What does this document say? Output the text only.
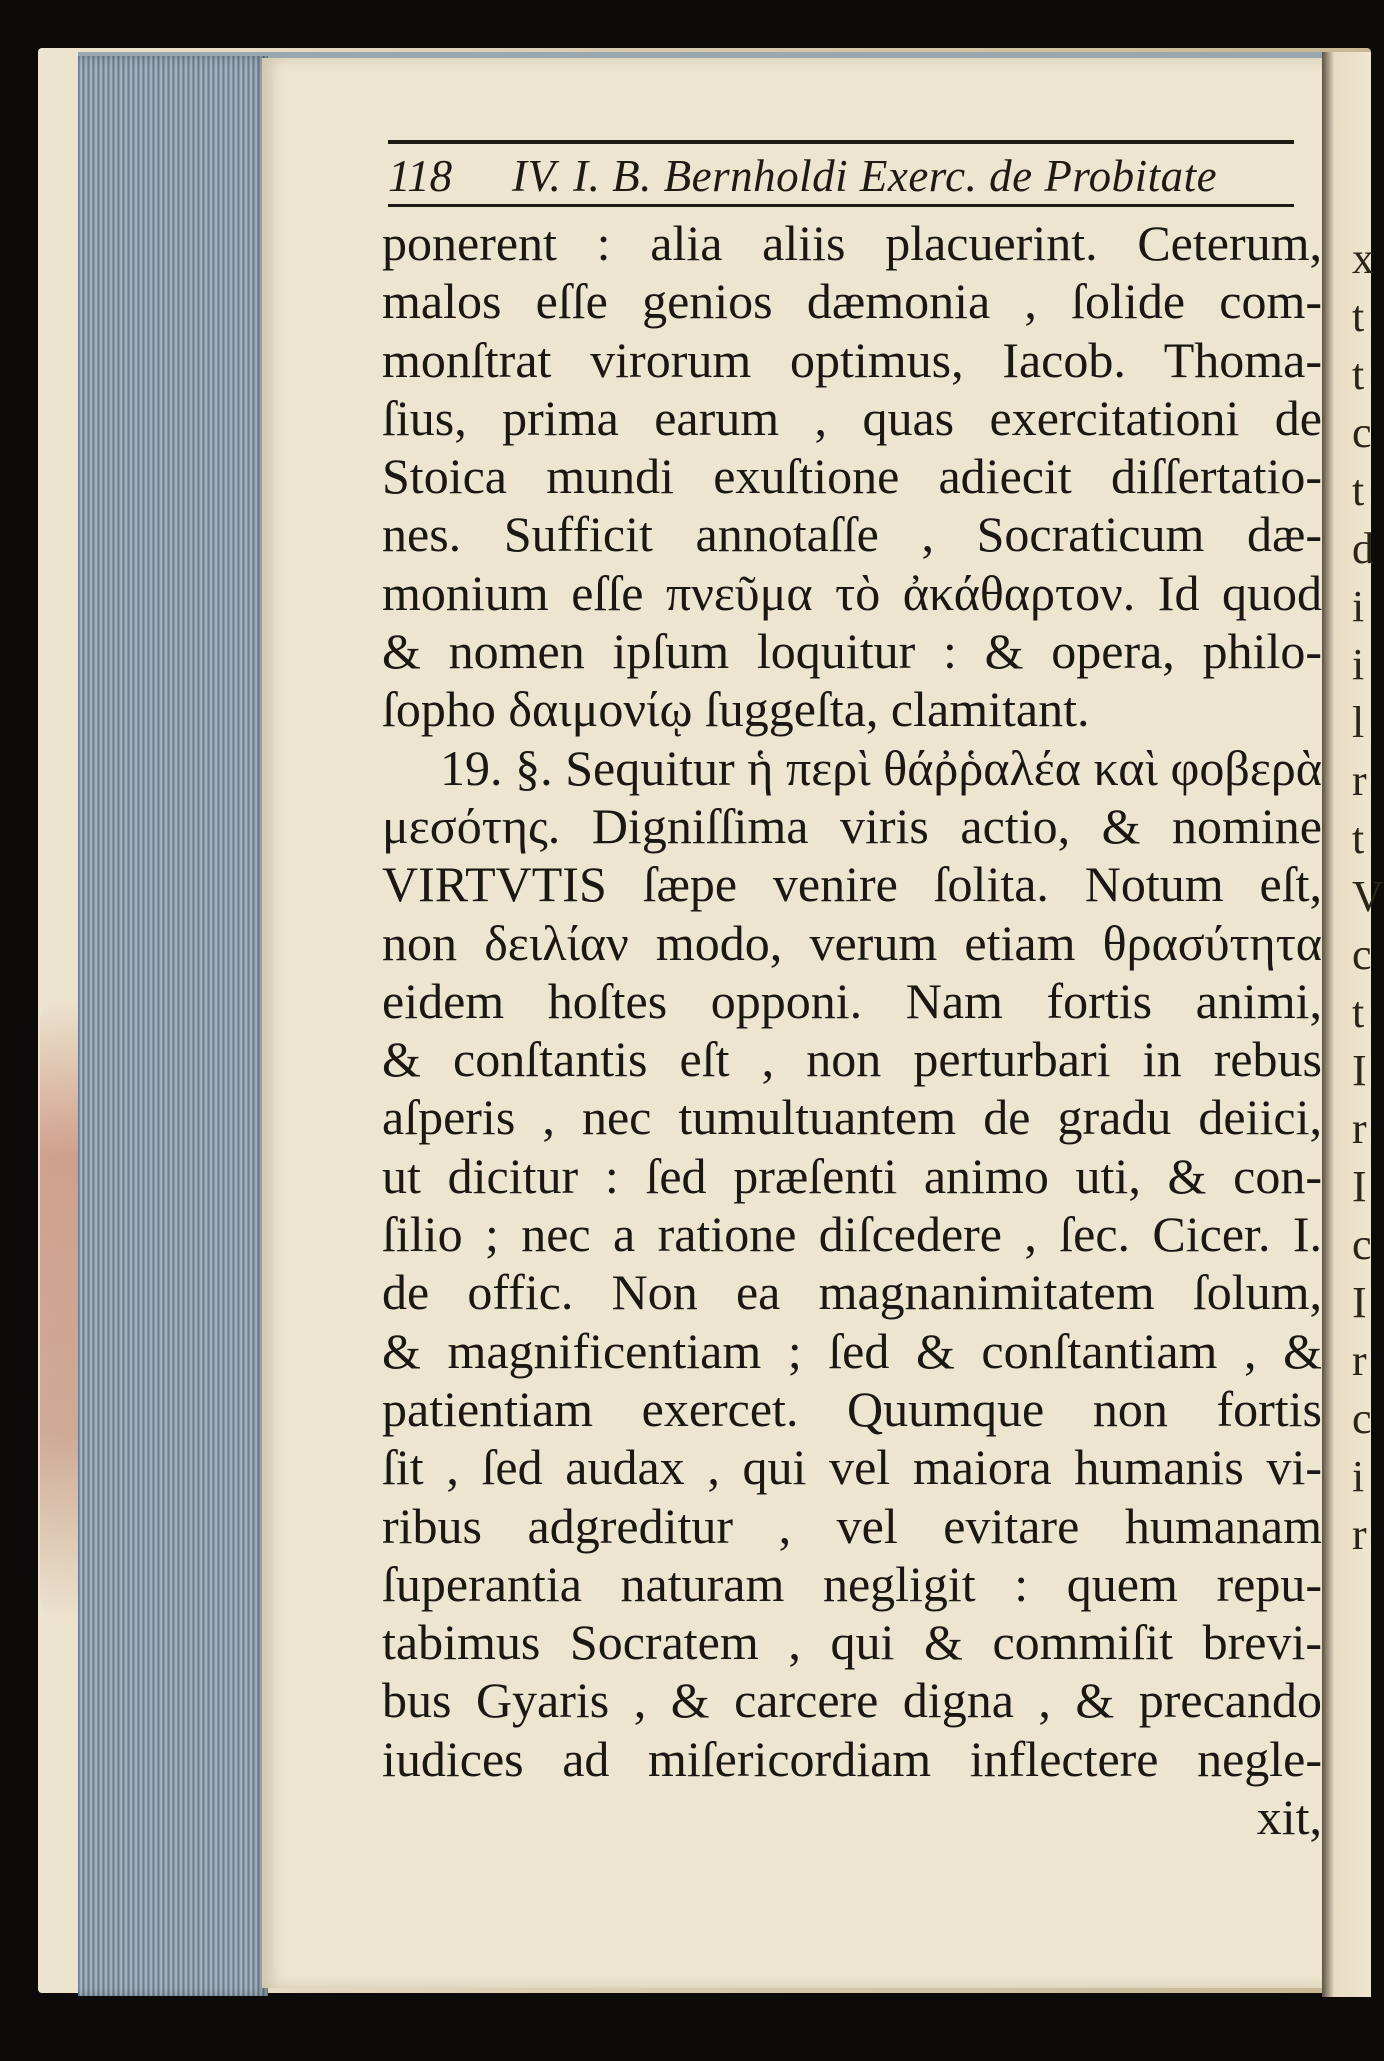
x
t
t
c
t
d
i
i
l
r
t
V
c
t
I
r
I
c
I
r
c
i
r
118 IV. I. B. Bernholdi Exerc. de Probitate
ponerent : alia aliis placuerint. Ceterum,
malos eſſe genios dæmonia , ſolide com-
monſtrat virorum optimus, Iacob. Thoma-
ſius, prima earum , quas exercitationi de
Stoica mundi exuſtione adiecit diſſertatio-
nes. Sufficit annotaſſe , Socraticum dæ-
monium eſſe πνεῦμα τὸ ἀκάθαρτον. Id quod
& nomen ipſum loquitur : & opera, philo-
ſopho δαιμονίῳ ſuggeſta, clamitant.
19. §. Sequitur ἡ περὶ θάῤῥαλέα καὶ φοβερὰ
μεσότης. Digniſſima viris actio, & nomine
VIRTVTIS ſæpe venire ſolita. Notum eſt,
non δειλίαν modo, verum etiam θρασύτητα
eidem hoſtes opponi. Nam fortis animi,
& conſtantis eſt , non perturbari in rebus
aſperis , nec tumultuantem de gradu deiici,
ut dicitur : ſed præſenti animo uti, & con-
ſilio ; nec a ratione diſcedere , ſec. Cicer. I.
de offic. Non ea magnanimitatem ſolum,
& magnificentiam ; ſed & conſtantiam , &
patientiam exercet. Quumque non fortis
ſit , ſed audax , qui vel maiora humanis vi-
ribus adgreditur , vel evitare humanam
ſuperantia naturam negligit : quem repu-
tabimus Socratem , qui & commiſit brevi-
bus Gyaris , & carcere digna , & precando
iudices ad miſericordiam inflectere negle-
xit,
